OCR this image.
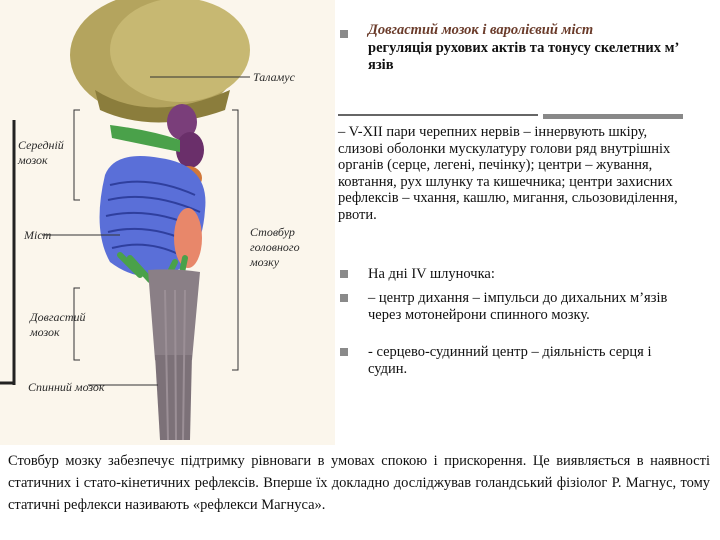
Таламус
Середній мозок
Міст	Стовбур головного мозку
Довгастий мозок
Спинний мозок
Довгастий мозок і варолієвий міст
регуляція рухових актів та тонусу скелетних м’ язів
– V-XII пари черепних нервів – іннервують шкіру, слизові оболонки мускулатуру голови ряд внутрішніх органів (серце, легені, печінку); центри – жування, ковтання, рух шлунку та кишечника; центри захисних рефлексів – чхання, кашлю, мигання, сльозовиділення, рвоти.
На дні IV шлуночка:
– центр дихання – імпульси до дихальних м’язів через мотонейрони спинного мозку.
- серцево-судинний центр – діяльність серця і судин.
Стовбур мозку забезпечує підтримку рівноваги в умовах спокою і прискорення. Це виявляється в наявності статичних і стато-кінетичних рефлексів. Вперше їх докладно досліджував голандський фізіолог Р. Магнус, тому статичні рефлекси називають «рефлекси Магнуса».
